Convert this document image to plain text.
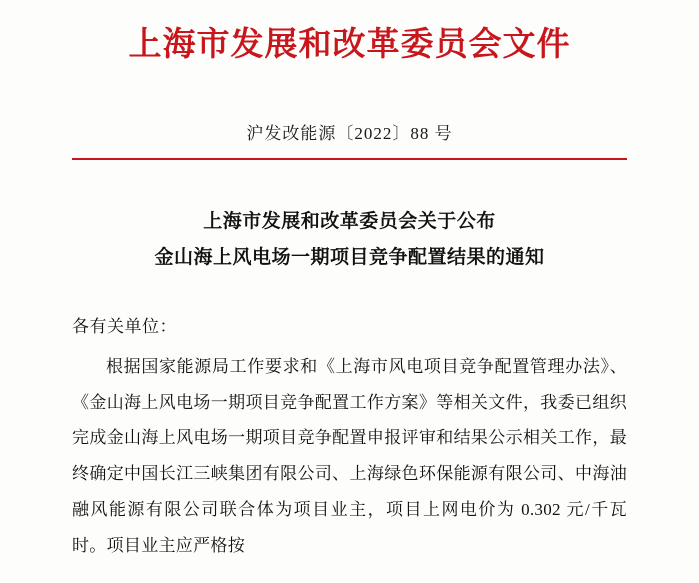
上海市发展和改革委员会文件
沪发改能源〔2022〕88 号
上海市发展和改革委员会关于公布
金山海上风电场一期项目竞争配置结果的通知
各有关单位：
根据国家能源局工作要求和《上海市风电项目竞争配置管理办法》、《金山海上风电场一期项目竞争配置工作方案》等相关文件，我委已组织完成金山海上风电场一期项目竞争配置申报评审和结果公示相关工作，最终确定中国长江三峡集团有限公司、上海绿色环保能源有限公司、中海油融风能源有限公司联合体为项目业主，项目上网电价为 0.302 元/千瓦时。项目业主应严格按
